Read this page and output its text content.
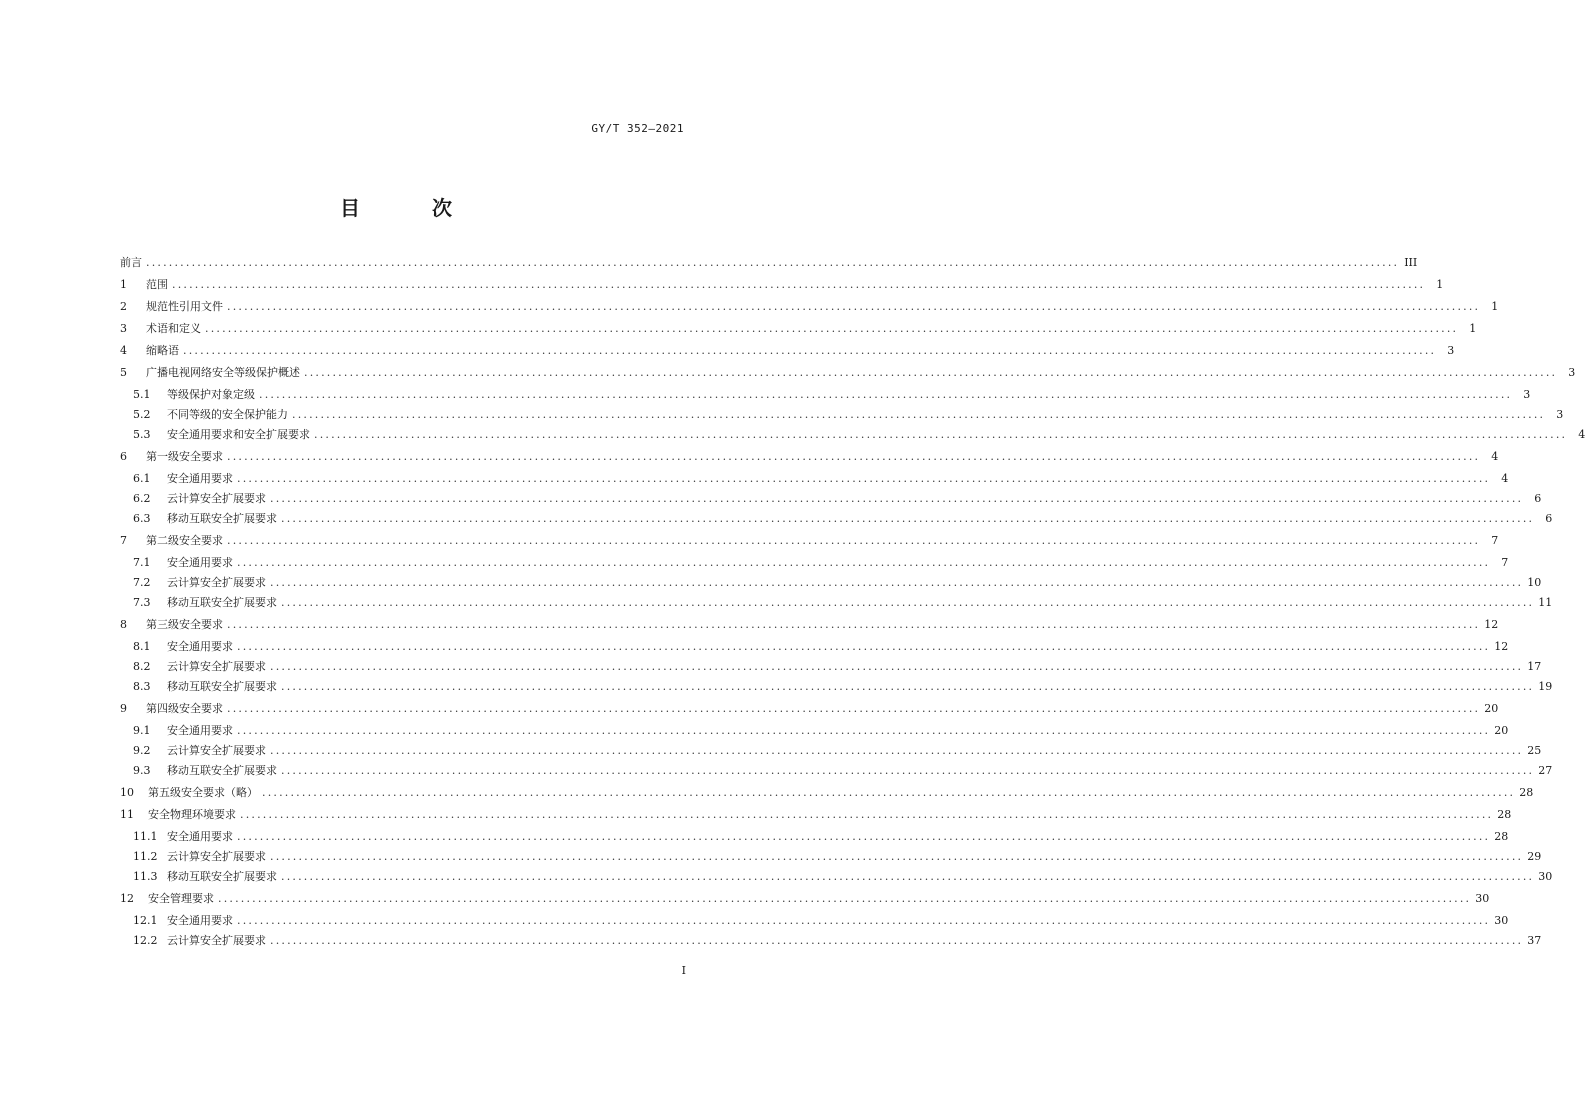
GY/T 352—2021
目　次
前言 ............................................................................................................................................................................................................................ III
1	范围 ............................................................................................................................................................................................................................	1
2	规范性引用文件 ............................................................................................................................................................................................................................	1
3	术语和定义 ............................................................................................................................................................................................................................	1
4	缩略语 ............................................................................................................................................................................................................................	3
5	广播电视网络安全等级保护概述 ............................................................................................................................................................................................................................	3
5.1	等级保护对象定级 ............................................................................................................................................................................................................................	3
5.2	不同等级的安全保护能力 ............................................................................................................................................................................................................................	3
5.3	安全通用要求和安全扩展要求 ............................................................................................................................................................................................................................	4
6	第一级安全要求 ............................................................................................................................................................................................................................	4
6.1	安全通用要求 ............................................................................................................................................................................................................................	4
6.2	云计算安全扩展要求 ............................................................................................................................................................................................................................	6
6.3	移动互联安全扩展要求 ............................................................................................................................................................................................................................	6
7	第二级安全要求 ............................................................................................................................................................................................................................	7
7.1	安全通用要求 ............................................................................................................................................................................................................................	7
7.2	云计算安全扩展要求 ............................................................................................................................................................................................................................ 10
7.3	移动互联安全扩展要求 ............................................................................................................................................................................................................................ 11
8	第三级安全要求 ............................................................................................................................................................................................................................ 12
8.1	安全通用要求 ............................................................................................................................................................................................................................ 12
8.2	云计算安全扩展要求 ............................................................................................................................................................................................................................ 17
8.3	移动互联安全扩展要求 ............................................................................................................................................................................................................................ 19
9	第四级安全要求 ............................................................................................................................................................................................................................ 20
9.1	安全通用要求 ............................................................................................................................................................................................................................ 20
9.2	云计算安全扩展要求 ............................................................................................................................................................................................................................ 25
9.3	移动互联安全扩展要求 ............................................................................................................................................................................................................................ 27
10	第五级安全要求（略） ............................................................................................................................................................................................................................ 28
11	安全物理环境要求 ............................................................................................................................................................................................................................ 28
11.1 安全通用要求 ............................................................................................................................................................................................................................ 28
11.2 云计算安全扩展要求 ............................................................................................................................................................................................................................ 29
11.3 移动互联安全扩展要求 ............................................................................................................................................................................................................................ 30
12	安全管理要求 ............................................................................................................................................................................................................................ 30
12.1 安全通用要求 ............................................................................................................................................................................................................................ 30
12.2 云计算安全扩展要求 ............................................................................................................................................................................................................................ 37
I
